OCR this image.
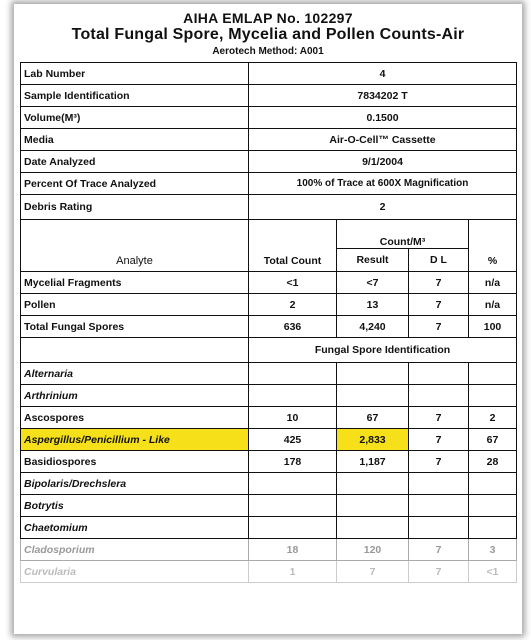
AIHA EMLAP No. 102297
Total Fungal Spore, Mycelia and Pollen Counts-Air
Aerotech Method: A001
Lab Number	4			
Sample Identification	7834202 T			
Volume(M³)	0.1500			
Media	Air-O-Cell™ Cassette			
Date Analyzed	9/1/2004			
Percent Of Trace Analyzed	100% of Trace at 600X Magnification			
Debris Rating	2			
Analyte	Total Count	Count/M³		%
		Result	D L	
Mycelial Fragments	<1	<7	7	n/a
Pollen	2	13	7	n/a
Total Fungal Spores	636	4,240	7	100
	Fungal Spore Identification			
Alternaria				
Arthrinium				
Ascospores	10	67	7	2
Aspergillus/Penicillium - Like	425	2,833	7	67
Basidiospores	178	1,187	7	28
Bipolaris/Drechslera				
Botrytis				
Chaetomium				
Cladosporium	18	120	7	3
Curvularia	1	7	7	<1
